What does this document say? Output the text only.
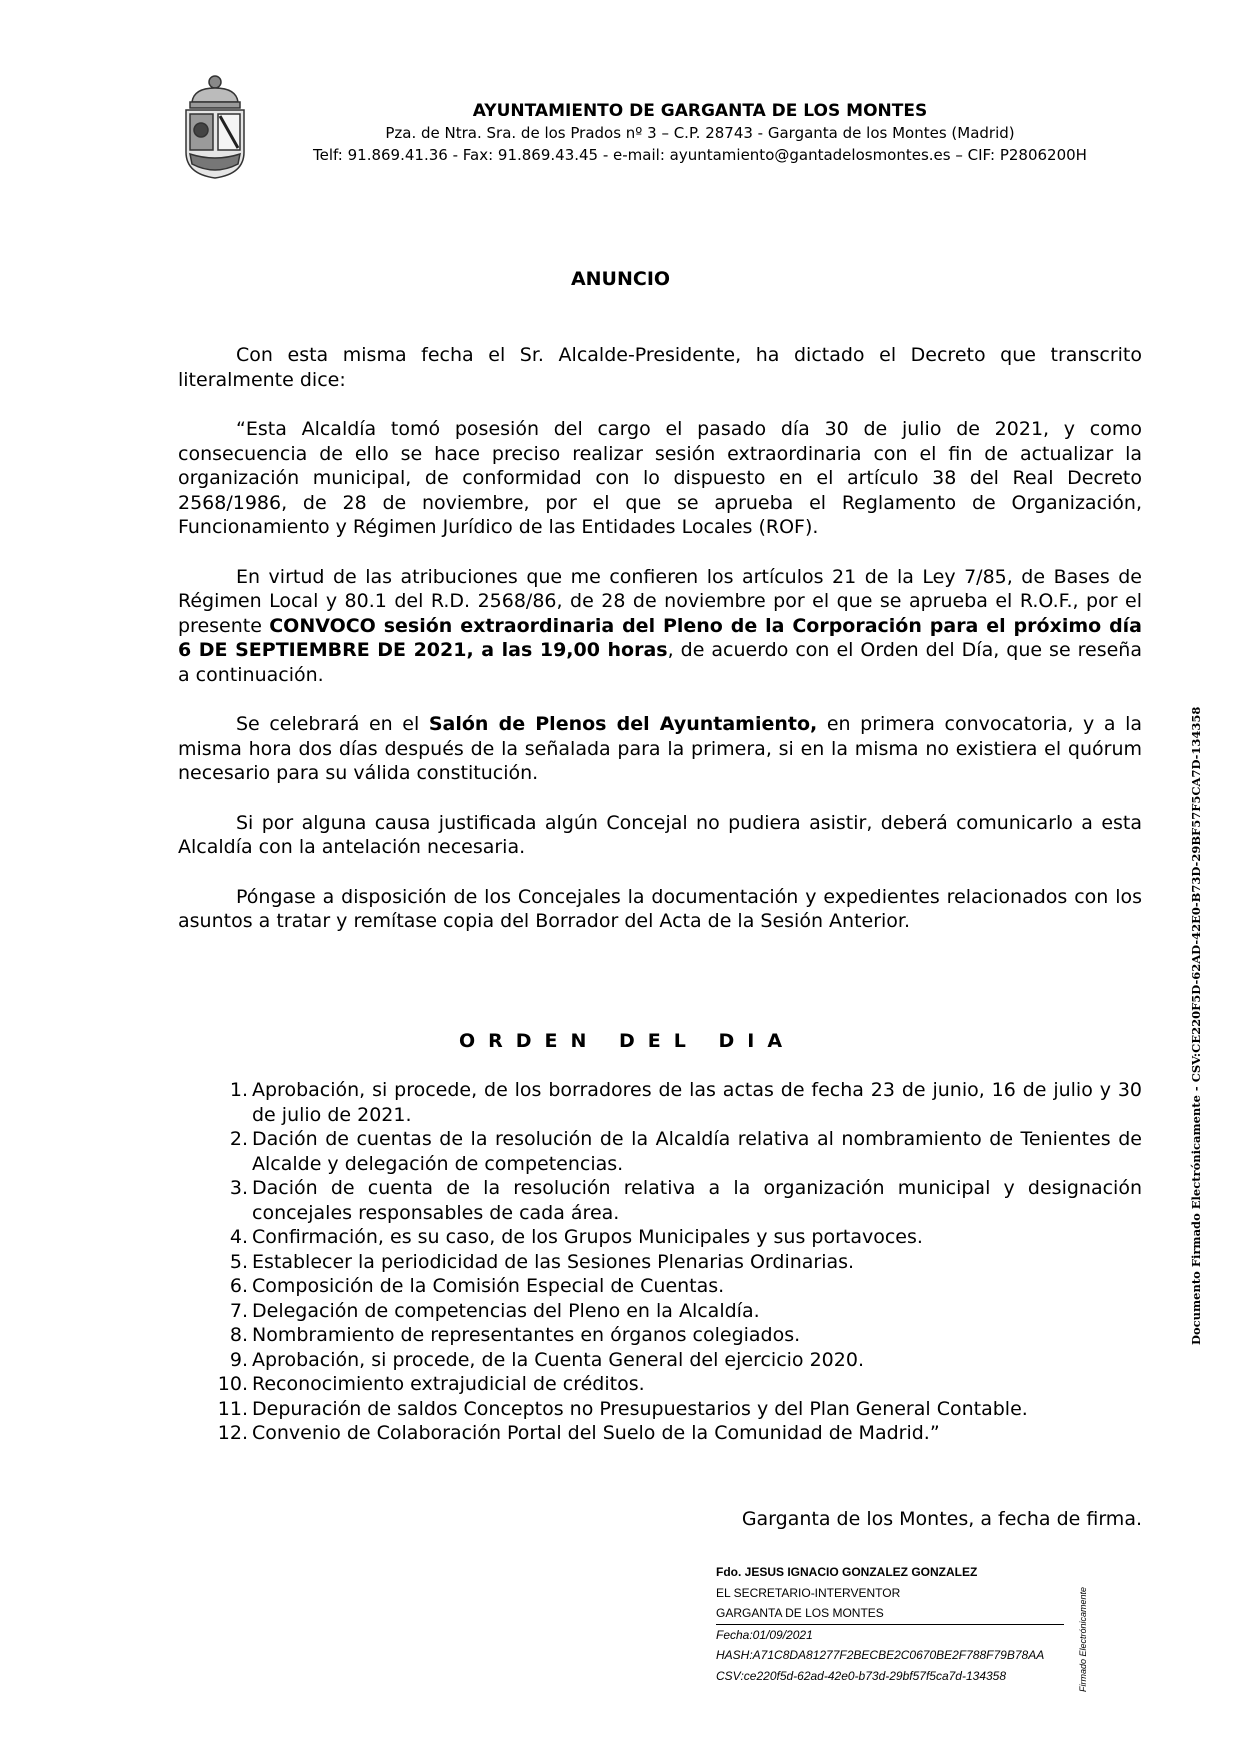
AYUNTAMIENTO DE GARGANTA DE LOS MONTES
Pza. de Ntra. Sra. de los Prados nº 3 – C.P. 28743 - Garganta de los Montes (Madrid)
Telf: 91.869.41.36 - Fax: 91.869.43.45 - e-mail: ayuntamiento@gantadelosmontes.es – CIF: P2806200H
ANUNCIO

Con esta misma fecha el Sr. Alcalde-Presidente, ha dictado el Decreto que transcrito literalmente dice:

“Esta Alcaldía tomó posesión del cargo el pasado día 30 de julio de 2021, y como consecuencia de ello se hace preciso realizar sesión extraordinaria con el fin de actualizar la organización municipal, de conformidad con lo dispuesto en el artículo 38 del Real Decreto 2568/1986, de 28 de noviembre, por el que se aprueba el Reglamento de Organización, Funcionamiento y Régimen Jurídico de las Entidades Locales (ROF).

En virtud de las atribuciones que me confieren los artículos 21 de la Ley 7/85, de Bases de Régimen Local y 80.1 del R.D. 2568/86, de 28 de noviembre por el que se aprueba el R.O.F., por el presente CONVOCO sesión extraordinaria del Pleno de la Corporación para el próximo día 6 DE SEPTIEMBRE DE 2021, a las 19,00 horas, de acuerdo con el Orden del Día, que se reseña a continuación.

Se celebrará en el Salón de Plenos del Ayuntamiento, en primera convocatoria, y a la misma hora dos días después de la señalada para la primera, si en la misma no existiera el quórum necesario para su válida constitución.

Si por alguna causa justificada algún Concejal no pudiera asistir, deberá comunicarlo a esta Alcaldía con la antelación necesaria.

Póngase a disposición de los Concejales la documentación y expedientes relacionados con los asuntos a tratar y remítase copia del Borrador del Acta de la Sesión Anterior.

ORDEN DEL DIA
1. Aprobación, si procede, de los borradores de las actas de fecha 23 de junio, 16 de julio y 30 de julio de 2021.
2. Dación de cuentas de la resolución de la Alcaldía relativa al nombramiento de Tenientes de Alcalde y delegación de competencias.
3. Dación de cuenta de la resolución relativa a la organización municipal y designación concejales responsables de cada área.
4. Confirmación, es su caso, de los Grupos Municipales y sus portavoces.
5. Establecer la periodicidad de las Sesiones Plenarias Ordinarias.
6. Composición de la Comisión Especial de Cuentas.
7. Delegación de competencias del Pleno en la Alcaldía.
8. Nombramiento de representantes en órganos colegiados.
9. Aprobación, si procede, de la Cuenta General del ejercicio 2020.
10. Reconocimiento extrajudicial de créditos.
11. Depuración de saldos Conceptos no Presupuestarios y del Plan General Contable.
12. Convenio de Colaboración Portal del Suelo de la Comunidad de Madrid.”
Garganta de los Montes, a fecha de firma.
Fdo. JESUS IGNACIO GONZALEZ GONZALEZ
EL SECRETARIO-INTERVENTOR
GARGANTA DE LOS MONTES
Fecha:01/09/2021
HASH:A71C8DA81277F2BECBE2C0670BE2F788F79B78AA
CSV:ce220f5d-62ad-42e0-b73d-29bf57f5ca7d-134358	Firmado Electrónicamente
Documento Firmado Electrónicamente - CSV:CE220F5D-62AD-42E0-B73D-29BF57F5CA7D-134358
